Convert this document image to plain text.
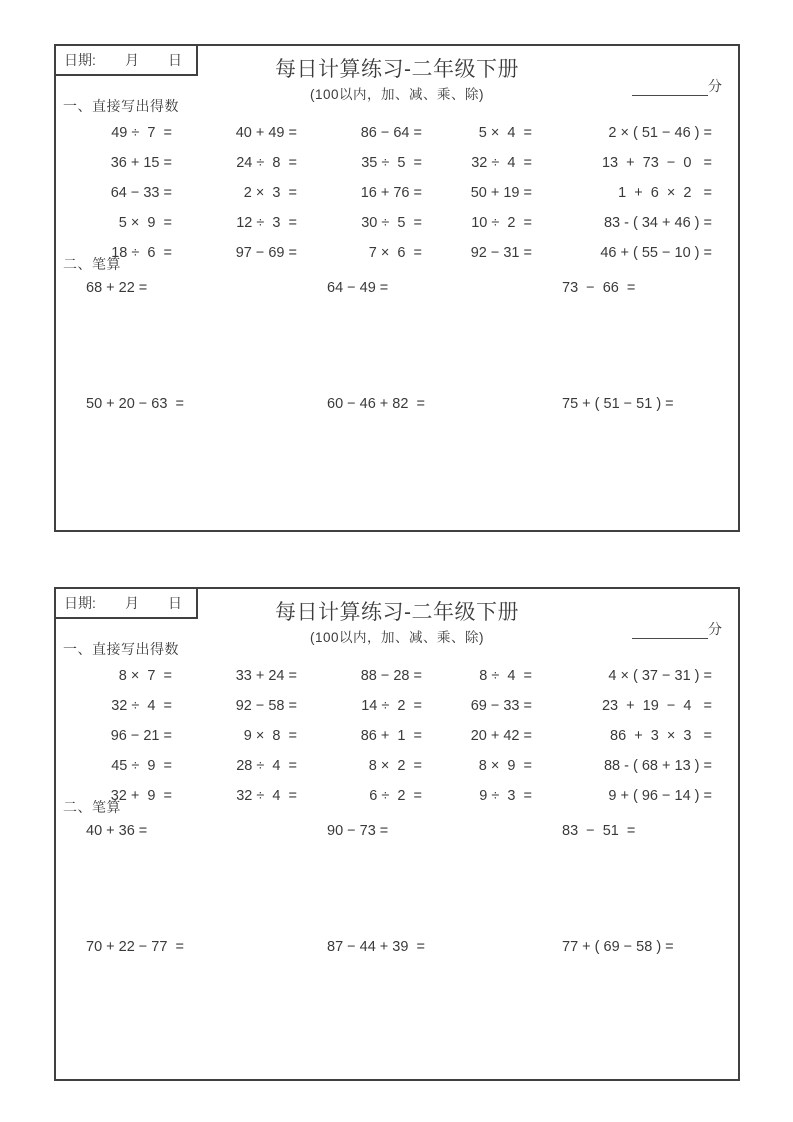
日期: 月 日	每日计算练习-二年级下册
(100以内，加、减、乘、除)
分
一、直接写出得数
49 ÷  7  =	40 + 49 =	86 − 64 =	5 ×  4  =	2 × ( 51 − 46 ) =
36 + 15 =	24 ÷  8  =	35 ÷  5  =	32 ÷  4  =	13  +  73  −  0   =
64 − 33 =	2 ×  3  =	16 + 76 =	50 + 19 =	1  +  6  ×  2   =
5 ×  9  =	12 ÷  3  =	30 ÷  5  =	10 ÷  2  =	83 - ( 34 + 46 ) =
18 ÷  6  =	97 − 69 =	7 ×  6  =	92 − 31 =	46 + ( 55 − 10 ) =
二、笔算
68 + 22 =	64 − 49 =	73  −  66  =
50 + 20 − 63  =	60 − 46 + 82  =	75 + ( 51 − 51 ) =
日期: 月 日	每日计算练习-二年级下册
(100以内，加、减、乘、除)
分
一、直接写出得数
8 ×  7  =	33 + 24 =	88 − 28 =	8 ÷  4  =	4 × ( 37 − 31 ) =
32 ÷  4  =	92 − 58 =	14 ÷  2  =	69 − 33 =	23  +  19  −  4   =
96 − 21 =	9 ×  8  =	86 +  1  =	20 + 42 =	86  +  3  ×  3   =
45 ÷  9  =	28 ÷  4  =	8 ×  2  =	8 ×  9  =	88 - ( 68 + 13 ) =
32 +  9  =	32 ÷  4  =	6 ÷  2  =	9 ÷  3  =	9 + ( 96 − 14 ) =
二、笔算
40 + 36 =	90 − 73 =	83  −  51  =
70 + 22 − 77  =	87 − 44 + 39  =	77 + ( 69 − 58 ) =
